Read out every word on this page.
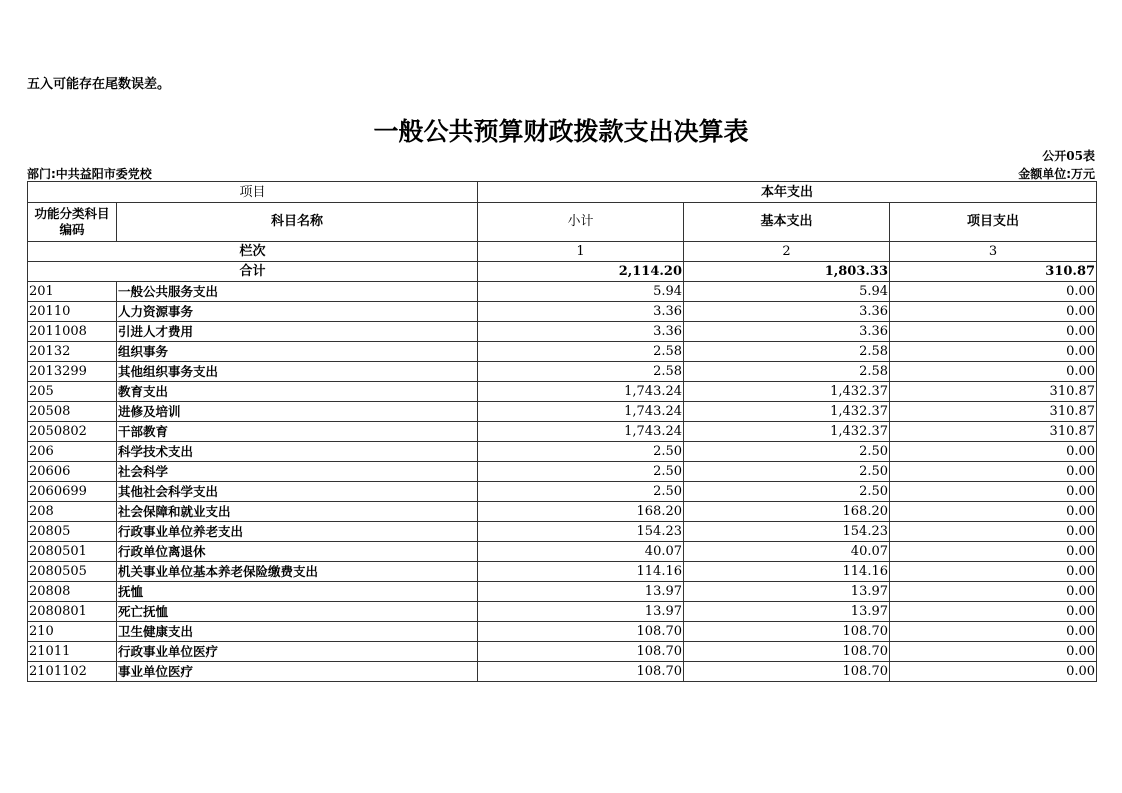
五入可能存在尾数误差。
一般公共预算财政拨款支出决算表
公开05表
部门:中共益阳市委党校	金额单位:万元
项目		本年支出		
功能分类科目编码	科目名称	小计	基本支出	项目支出
栏次		1	2	3
合计		2,114.20	1,803.33	310.87
201	一般公共服务支出	5.94	5.94	0.00
20110	人力资源事务	3.36	3.36	0.00
2011008	引进人才费用	3.36	3.36	0.00
20132	组织事务	2.58	2.58	0.00
2013299	其他组织事务支出	2.58	2.58	0.00
205	教育支出	1,743.24	1,432.37	310.87
20508	进修及培训	1,743.24	1,432.37	310.87
2050802	干部教育	1,743.24	1,432.37	310.87
206	科学技术支出	2.50	2.50	0.00
20606	社会科学	2.50	2.50	0.00
2060699	其他社会科学支出	2.50	2.50	0.00
208	社会保障和就业支出	168.20	168.20	0.00
20805	行政事业单位养老支出	154.23	154.23	0.00
2080501	行政单位离退休	40.07	40.07	0.00
2080505	机关事业单位基本养老保险缴费支出	114.16	114.16	0.00
20808	抚恤	13.97	13.97	0.00
2080801	死亡抚恤	13.97	13.97	0.00
210	卫生健康支出	108.70	108.70	0.00
21011	行政事业单位医疗	108.70	108.70	0.00
2101102	事业单位医疗	108.70	108.70	0.00
